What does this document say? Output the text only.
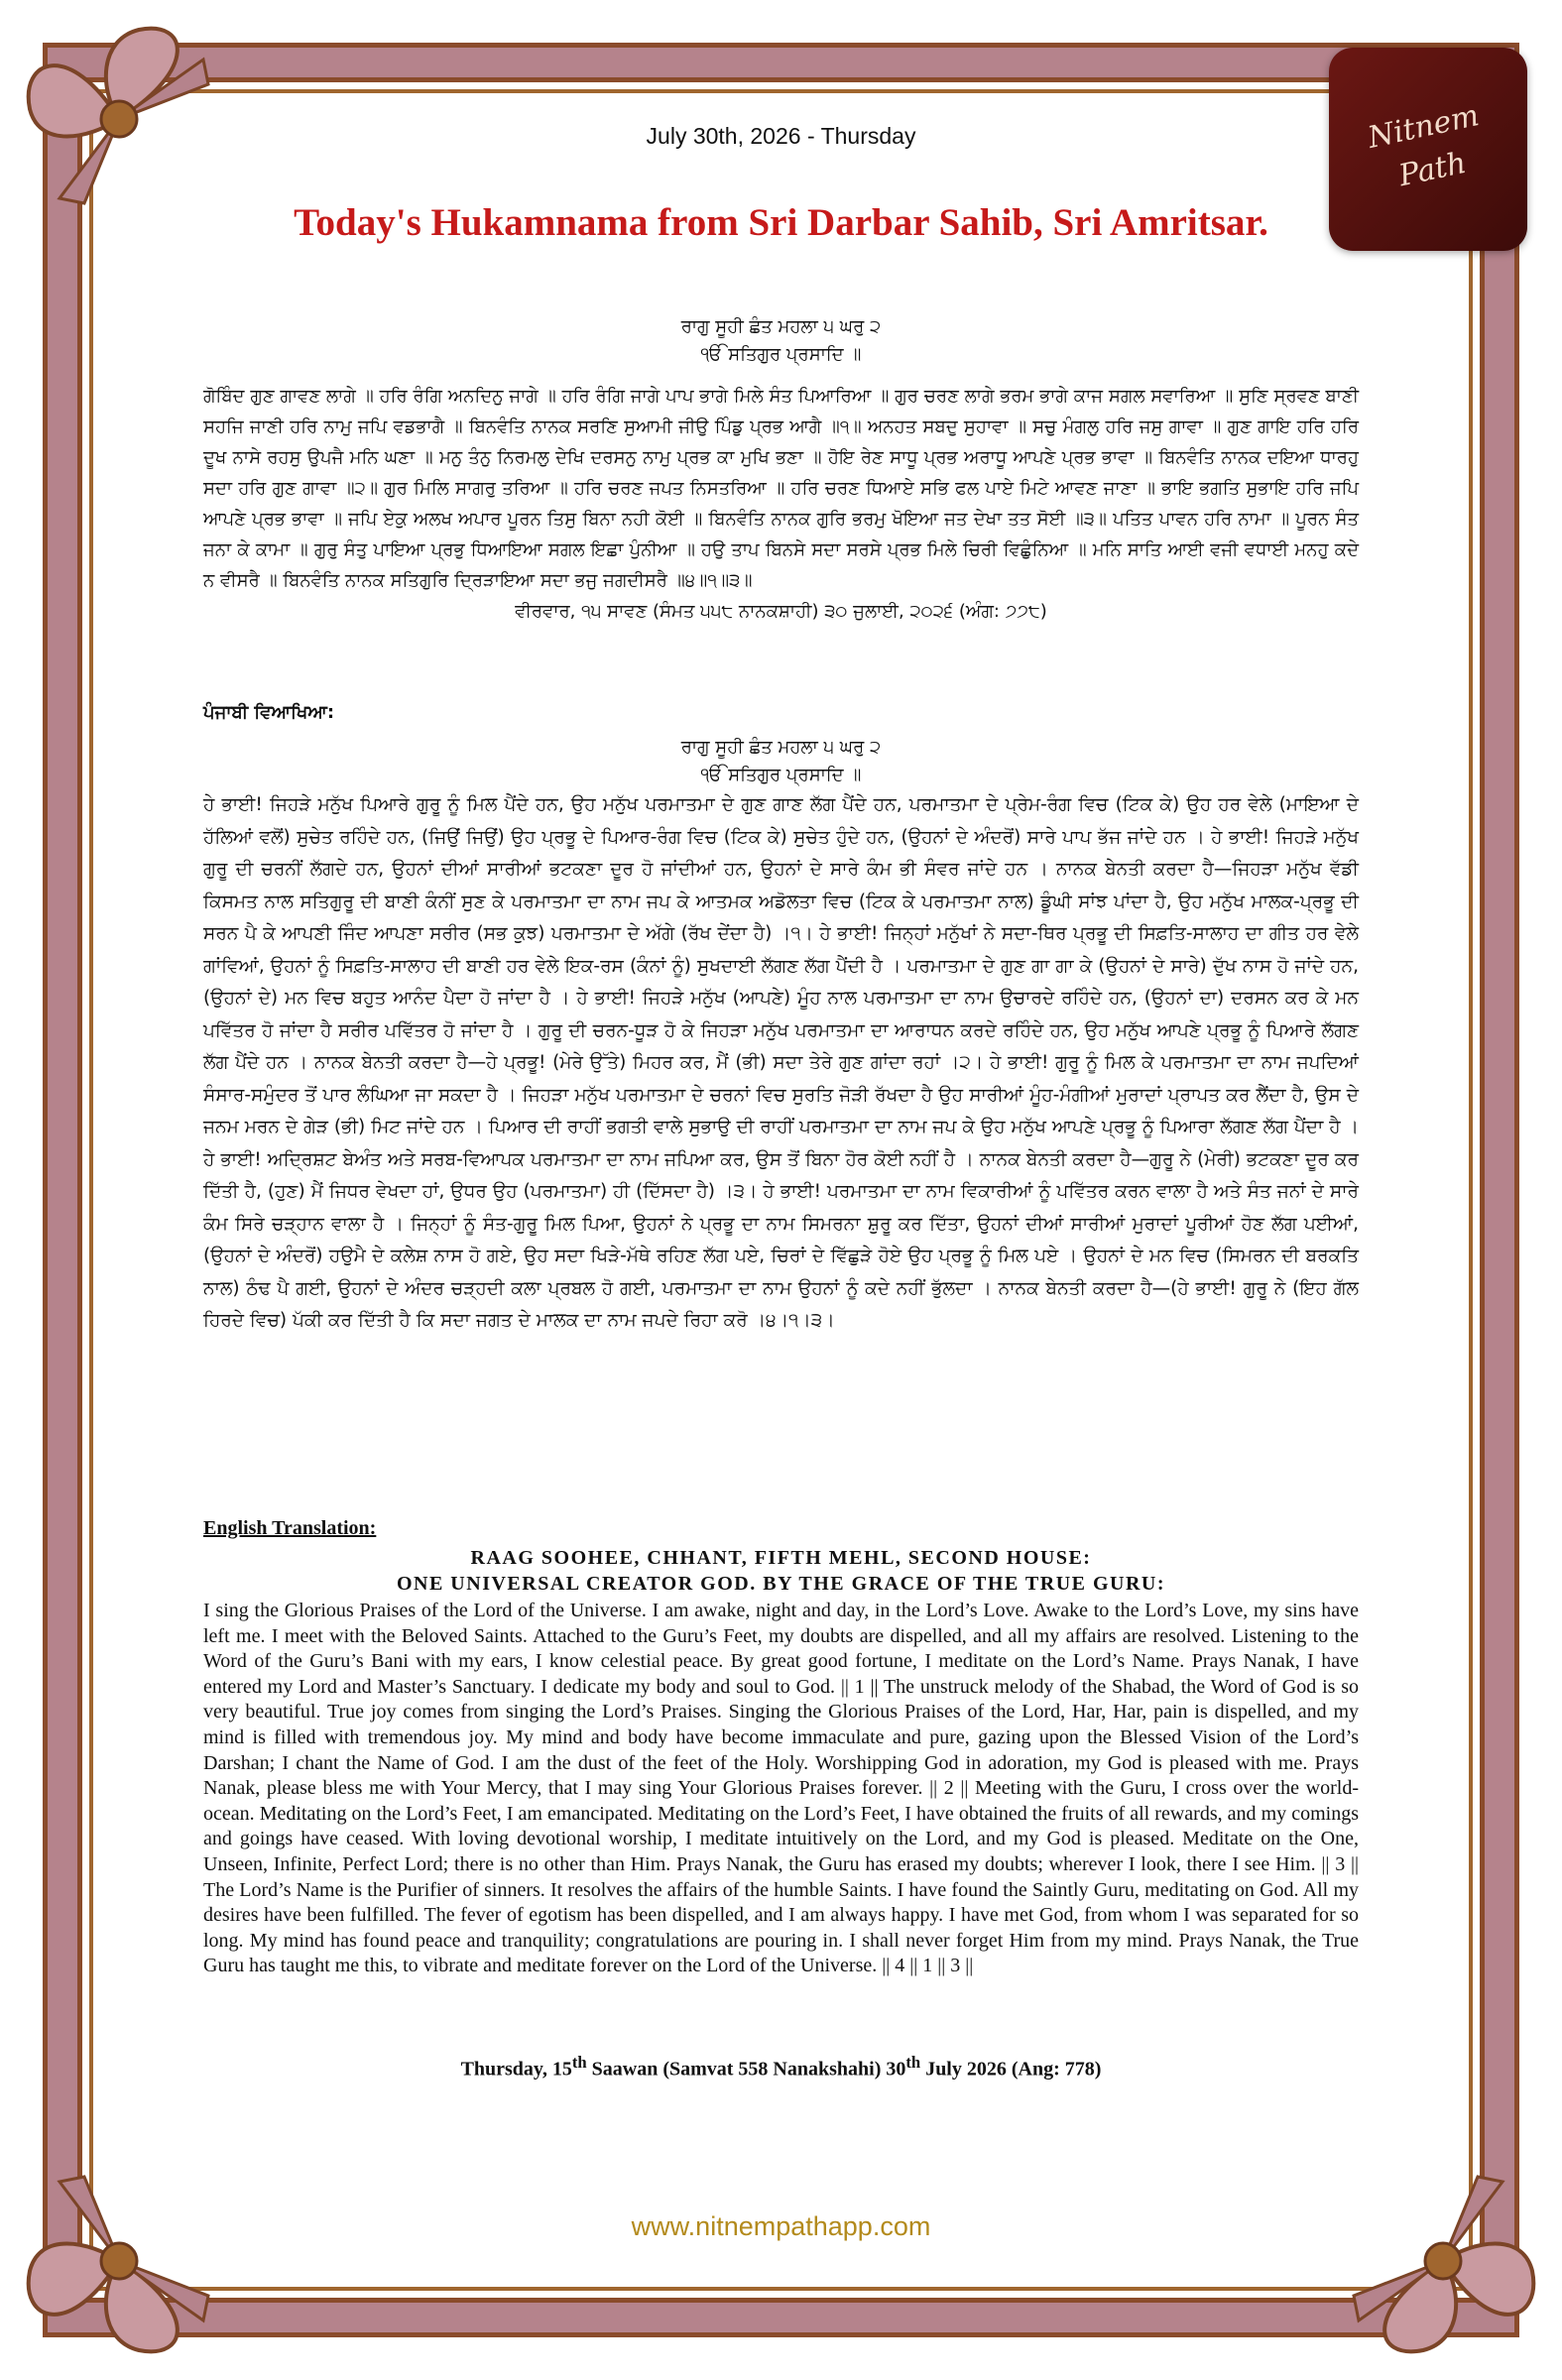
Nitnem
Path
July 30th, 2026 - Thursday
Today's Hukamnama from Sri Darbar Sahib, Sri Amritsar.
ਰਾਗੁ ਸੂਹੀ ਛੰਤ ਮਹਲਾ ੫ ਘਰੁ ੨
ੴ ਸਤਿਗੁਰ ਪ੍ਰਸਾਦਿ ॥
ਗੋਬਿੰਦ ਗੁਣ ਗਾਵਣ ਲਾਗੇ ॥ ਹਰਿ ਰੰਗਿ ਅਨਦਿਨੁ ਜਾਗੇ ॥ ਹਰਿ ਰੰਗਿ ਜਾਗੇ ਪਾਪ ਭਾਗੇ ਮਿਲੇ ਸੰਤ ਪਿਆਰਿਆ ॥ ਗੁਰ ਚਰਣ ਲਾਗੇ ਭਰਮ ਭਾਗੇ ਕਾਜ ਸਗਲ ਸਵਾਰਿਆ ॥ ਸੁਣਿ ਸ੍ਰਵਣ ਬਾਣੀ ਸਹਜਿ ਜਾਣੀ ਹਰਿ ਨਾਮੁ ਜਪਿ ਵਡਭਾਗੈ ॥ ਬਿਨਵੰਤਿ ਨਾਨਕ ਸਰਣਿ ਸੁਆਮੀ ਜੀਉ ਪਿੰਡੁ ਪ੍ਰਭ ਆਗੈ ॥੧॥ ਅਨਹਤ ਸਬਦੁ ਸੁਹਾਵਾ ॥ ਸਚੁ ਮੰਗਲੁ ਹਰਿ ਜਸੁ ਗਾਵਾ ॥ ਗੁਣ ਗਾਇ ਹਰਿ ਹਰਿ ਦੂਖ ਨਾਸੇ ਰਹਸੁ ਉਪਜੈ ਮਨਿ ਘਣਾ ॥ ਮਨੁ ਤੰਨੁ ਨਿਰਮਲੁ ਦੇਖਿ ਦਰਸਨੁ ਨਾਮੁ ਪ੍ਰਭ ਕਾ ਮੁਖਿ ਭਣਾ ॥ ਹੋਇ ਰੇਣ ਸਾਧੂ ਪ੍ਰਭ ਅਰਾਧੂ ਆਪਣੇ ਪ੍ਰਭ ਭਾਵਾ ॥ ਬਿਨਵੰਤਿ ਨਾਨਕ ਦਇਆ ਧਾਰਹੁ ਸਦਾ ਹਰਿ ਗੁਣ ਗਾਵਾ ॥੨॥ ਗੁਰ ਮਿਲਿ ਸਾਗਰੁ ਤਰਿਆ ॥ ਹਰਿ ਚਰਣ ਜਪਤ ਨਿਸਤਰਿਆ ॥ ਹਰਿ ਚਰਣ ਧਿਆਏ ਸਭਿ ਫਲ ਪਾਏ ਮਿਟੇ ਆਵਣ ਜਾਣਾ ॥ ਭਾਇ ਭਗਤਿ ਸੁਭਾਇ ਹਰਿ ਜਪਿ ਆਪਣੇ ਪ੍ਰਭ ਭਾਵਾ ॥ ਜਪਿ ਏਕੁ ਅਲਖ ਅਪਾਰ ਪੂਰਨ ਤਿਸੁ ਬਿਨਾ ਨਹੀ ਕੋਈ ॥ ਬਿਨਵੰਤਿ ਨਾਨਕ ਗੁਰਿ ਭਰਮੁ ਖੋਇਆ ਜਤ ਦੇਖਾ ਤਤ ਸੋਈ ॥੩॥ ਪਤਿਤ ਪਾਵਨ ਹਰਿ ਨਾਮਾ ॥ ਪੂਰਨ ਸੰਤ ਜਨਾ ਕੇ ਕਾਮਾ ॥ ਗੁਰੁ ਸੰਤੁ ਪਾਇਆ ਪ੍ਰਭੁ ਧਿਆਇਆ ਸਗਲ ਇਛਾ ਪੁੰਨੀਆ ॥ ਹਉ ਤਾਪ ਬਿਨਸੇ ਸਦਾ ਸਰਸੇ ਪ੍ਰਭ ਮਿਲੇ ਚਿਰੀ ਵਿਛੁੰਨਿਆ ॥ ਮਨਿ ਸਾਤਿ ਆਈ ਵਜੀ ਵਧਾਈ ਮਨਹੁ ਕਦੇ ਨ ਵੀਸਰੈ ॥ ਬਿਨਵੰਤਿ ਨਾਨਕ ਸਤਿਗੁਰਿ ਦ੍ਰਿੜਾਇਆ ਸਦਾ ਭਜੁ ਜਗਦੀਸਰੈ ॥੪॥੧॥੩॥
ਵੀਰਵਾਰ, ੧੫ ਸਾਵਣ (ਸੰਮਤ ੫੫੮ ਨਾਨਕਸ਼ਾਹੀ) ੩੦ ਜੁਲਾਈ, ੨੦੨੬ (ਅੰਗ: ੭੭੮)
ਪੰਜਾਬੀ ਵਿਆਖਿਆ:
ਰਾਗੁ ਸੂਹੀ ਛੰਤ ਮਹਲਾ ੫ ਘਰੁ ੨
ੴ ਸਤਿਗੁਰ ਪ੍ਰਸਾਦਿ ॥
ਹੇ ਭਾਈ! ਜਿਹੜੇ ਮਨੁੱਖ ਪਿਆਰੇ ਗੁਰੂ ਨੂੰ ਮਿਲ ਪੈਂਦੇ ਹਨ, ਉਹ ਮਨੁੱਖ ਪਰਮਾਤਮਾ ਦੇ ਗੁਣ ਗਾਣ ਲੱਗ ਪੈਂਦੇ ਹਨ, ਪਰਮਾਤਮਾ ਦੇ ਪ੍ਰੇਮ-ਰੰਗ ਵਿਚ (ਟਿਕ ਕੇ) ਉਹ ਹਰ ਵੇਲੇ (ਮਾਇਆ ਦੇ ਹੱਲਿਆਂ ਵਲੋਂ) ਸੁਚੇਤ ਰਹਿੰਦੇ ਹਨ, (ਜਿਉਂ ਜਿਉਂ) ਉਹ ਪ੍ਰਭੂ ਦੇ ਪਿਆਰ-ਰੰਗ ਵਿਚ (ਟਿਕ ਕੇ) ਸੁਚੇਤ ਹੁੰਦੇ ਹਨ, (ਉਹਨਾਂ ਦੇ ਅੰਦਰੋਂ) ਸਾਰੇ ਪਾਪ ਭੱਜ ਜਾਂਦੇ ਹਨ । ਹੇ ਭਾਈ! ਜਿਹੜੇ ਮਨੁੱਖ ਗੁਰੂ ਦੀ ਚਰਨੀਂ ਲੱਗਦੇ ਹਨ, ਉਹਨਾਂ ਦੀਆਂ ਸਾਰੀਆਂ ਭਟਕਣਾ ਦੂਰ ਹੋ ਜਾਂਦੀਆਂ ਹਨ, ਉਹਨਾਂ ਦੇ ਸਾਰੇ ਕੰਮ ਭੀ ਸੰਵਰ ਜਾਂਦੇ ਹਨ । ਨਾਨਕ ਬੇਨਤੀ ਕਰਦਾ ਹੈ—ਜਿਹੜਾ ਮਨੁੱਖ ਵੱਡੀ ਕਿਸਮਤ ਨਾਲ ਸਤਿਗੁਰੂ ਦੀ ਬਾਣੀ ਕੰਨੀਂ ਸੁਣ ਕੇ ਪਰਮਾਤਮਾ ਦਾ ਨਾਮ ਜਪ ਕੇ ਆਤਮਕ ਅਡੋਲਤਾ ਵਿਚ (ਟਿਕ ਕੇ ਪਰਮਾਤਮਾ ਨਾਲ) ਡੂੰਘੀ ਸਾਂਝ ਪਾਂਦਾ ਹੈ, ਉਹ ਮਨੁੱਖ ਮਾਲਕ-ਪ੍ਰਭੂ ਦੀ ਸਰਨ ਪੈ ਕੇ ਆਪਣੀ ਜਿੰਦ ਆਪਣਾ ਸਰੀਰ (ਸਭ ਕੁਝ) ਪਰਮਾਤਮਾ ਦੇ ਅੱਗੇ (ਰੱਖ ਦੇਂਦਾ ਹੈ) ।੧। ਹੇ ਭਾਈ! ਜਿਨ੍ਹਾਂ ਮਨੁੱਖਾਂ ਨੇ ਸਦਾ-ਥਿਰ ਪ੍ਰਭੂ ਦੀ ਸਿਫ਼ਤਿ-ਸਾਲਾਹ ਦਾ ਗੀਤ ਹਰ ਵੇਲੇ ਗਾਂਵਿਆਂ, ਉਹਨਾਂ ਨੂੰ ਸਿਫ਼ਤਿ-ਸਾਲਾਹ ਦੀ ਬਾਣੀ ਹਰ ਵੇਲੇ ਇਕ-ਰਸ (ਕੰਨਾਂ ਨੂੰ) ਸੁਖਦਾਈ ਲੱਗਣ ਲੱਗ ਪੈਂਦੀ ਹੈ । ਪਰਮਾਤਮਾ ਦੇ ਗੁਣ ਗਾ ਗਾ ਕੇ (ਉਹਨਾਂ ਦੇ ਸਾਰੇ) ਦੁੱਖ ਨਾਸ ਹੋ ਜਾਂਦੇ ਹਨ, (ਉਹਨਾਂ ਦੇ) ਮਨ ਵਿਚ ਬਹੁਤ ਆਨੰਦ ਪੈਦਾ ਹੋ ਜਾਂਦਾ ਹੈ । ਹੇ ਭਾਈ! ਜਿਹੜੇ ਮਨੁੱਖ (ਆਪਣੇ) ਮੂੰਹ ਨਾਲ ਪਰਮਾਤਮਾ ਦਾ ਨਾਮ ਉਚਾਰਦੇ ਰਹਿੰਦੇ ਹਨ, (ਉਹਨਾਂ ਦਾ) ਦਰਸਨ ਕਰ ਕੇ ਮਨ ਪਵਿੱਤਰ ਹੋ ਜਾਂਦਾ ਹੈ ਸਰੀਰ ਪਵਿੱਤਰ ਹੋ ਜਾਂਦਾ ਹੈ । ਗੁਰੂ ਦੀ ਚਰਨ-ਧੂੜ ਹੋ ਕੇ ਜਿਹੜਾ ਮਨੁੱਖ ਪਰਮਾਤਮਾ ਦਾ ਆਰਾਧਨ ਕਰਦੇ ਰਹਿੰਦੇ ਹਨ, ਉਹ ਮਨੁੱਖ ਆਪਣੇ ਪ੍ਰਭੂ ਨੂੰ ਪਿਆਰੇ ਲੱਗਣ ਲੱਗ ਪੈਂਦੇ ਹਨ । ਨਾਨਕ ਬੇਨਤੀ ਕਰਦਾ ਹੈ—ਹੇ ਪ੍ਰਭੂ! (ਮੇਰੇ ਉੱਤੇ) ਮਿਹਰ ਕਰ, ਮੈਂ (ਭੀ) ਸਦਾ ਤੇਰੇ ਗੁਣ ਗਾਂਦਾ ਰਹਾਂ ।੨। ਹੇ ਭਾਈ! ਗੁਰੂ ਨੂੰ ਮਿਲ ਕੇ ਪਰਮਾਤਮਾ ਦਾ ਨਾਮ ਜਪਦਿਆਂ ਸੰਸਾਰ-ਸਮੁੰਦਰ ਤੋਂ ਪਾਰ ਲੰਘਿਆ ਜਾ ਸਕਦਾ ਹੈ । ਜਿਹੜਾ ਮਨੁੱਖ ਪਰਮਾਤਮਾ ਦੇ ਚਰਨਾਂ ਵਿਚ ਸੁਰਤਿ ਜੋੜੀ ਰੱਖਦਾ ਹੈ ਉਹ ਸਾਰੀਆਂ ਮੂੰਹ-ਮੰਗੀਆਂ ਮੁਰਾਦਾਂ ਪ੍ਰਾਪਤ ਕਰ ਲੈਂਦਾ ਹੈ, ਉਸ ਦੇ ਜਨਮ ਮਰਨ ਦੇ ਗੇੜ (ਭੀ) ਮਿਟ ਜਾਂਦੇ ਹਨ । ਪਿਆਰ ਦੀ ਰਾਹੀਂ ਭਗਤੀ ਵਾਲੇ ਸੁਭਾਉ ਦੀ ਰਾਹੀਂ ਪਰਮਾਤਮਾ ਦਾ ਨਾਮ ਜਪ ਕੇ ਉਹ ਮਨੁੱਖ ਆਪਣੇ ਪ੍ਰਭੂ ਨੂੰ ਪਿਆਰਾ ਲੱਗਣ ਲੱਗ ਪੈਂਦਾ ਹੈ । ਹੇ ਭਾਈ! ਅਦ੍ਰਿਸ਼ਟ ਬੇਅੰਤ ਅਤੇ ਸਰਬ-ਵਿਆਪਕ ਪਰਮਾਤਮਾ ਦਾ ਨਾਮ ਜਪਿਆ ਕਰ, ਉਸ ਤੋਂ ਬਿਨਾ ਹੋਰ ਕੋਈ ਨਹੀਂ ਹੈ । ਨਾਨਕ ਬੇਨਤੀ ਕਰਦਾ ਹੈ—ਗੁਰੂ ਨੇ (ਮੇਰੀ) ਭਟਕਣਾ ਦੂਰ ਕਰ ਦਿੱਤੀ ਹੈ, (ਹੁਣ) ਮੈਂ ਜਿਧਰ ਵੇਖਦਾ ਹਾਂ, ਉਧਰ ਉਹ (ਪਰਮਾਤਮਾ) ਹੀ (ਦਿੱਸਦਾ ਹੈ) ।੩। ਹੇ ਭਾਈ! ਪਰਮਾਤਮਾ ਦਾ ਨਾਮ ਵਿਕਾਰੀਆਂ ਨੂੰ ਪਵਿੱਤਰ ਕਰਨ ਵਾਲਾ ਹੈ ਅਤੇ ਸੰਤ ਜਨਾਂ ਦੇ ਸਾਰੇ ਕੰਮ ਸਿਰੇ ਚੜ੍ਹਾਨ ਵਾਲਾ ਹੈ । ਜਿਨ੍ਹਾਂ ਨੂੰ ਸੰਤ-ਗੁਰੂ ਮਿਲ ਪਿਆ, ਉਹਨਾਂ ਨੇ ਪ੍ਰਭੂ ਦਾ ਨਾਮ ਸਿਮਰਨਾ ਸ਼ੁਰੂ ਕਰ ਦਿੱਤਾ, ਉਹਨਾਂ ਦੀਆਂ ਸਾਰੀਆਂ ਮੁਰਾਦਾਂ ਪੂਰੀਆਂ ਹੋਣ ਲੱਗ ਪਈਆਂ, (ਉਹਨਾਂ ਦੇ ਅੰਦਰੋਂ) ਹਉਮੈ ਦੇ ਕਲੇਸ਼ ਨਾਸ ਹੋ ਗਏ, ਉਹ ਸਦਾ ਖਿੜੇ-ਮੱਥੇ ਰਹਿਣ ਲੱਗ ਪਏ, ਚਿਰਾਂ ਦੇ ਵਿੱਛੁੜੇ ਹੋਏ ਉਹ ਪ੍ਰਭੂ ਨੂੰ ਮਿਲ ਪਏ । ਉਹਨਾਂ ਦੇ ਮਨ ਵਿਚ (ਸਿਮਰਨ ਦੀ ਬਰਕਤਿ ਨਾਲ) ਠੰਢ ਪੈ ਗਈ, ਉਹਨਾਂ ਦੇ ਅੰਦਰ ਚੜ੍ਹਦੀ ਕਲਾ ਪ੍ਰਬਲ ਹੋ ਗਈ, ਪਰਮਾਤਮਾ ਦਾ ਨਾਮ ਉਹਨਾਂ ਨੂੰ ਕਦੇ ਨਹੀਂ ਭੁੱਲਦਾ । ਨਾਨਕ ਬੇਨਤੀ ਕਰਦਾ ਹੈ—(ਹੇ ਭਾਈ! ਗੁਰੂ ਨੇ (ਇਹ ਗੱਲ ਹਿਰਦੇ ਵਿਚ) ਪੱਕੀ ਕਰ ਦਿੱਤੀ ਹੈ ਕਿ ਸਦਾ ਜਗਤ ਦੇ ਮਾਲਕ ਦਾ ਨਾਮ ਜਪਦੇ ਰਿਹਾ ਕਰੋ ।੪।੧।੩।
English Translation:
RAAG SOOHEE, CHHANT, FIFTH MEHL, SECOND HOUSE:
ONE UNIVERSAL CREATOR GOD. BY THE GRACE OF THE TRUE GURU:
I sing the Glorious Praises of the Lord of the Universe. I am awake, night and day, in the Lord’s Love. Awake to the Lord’s Love, my sins have left me. I meet with the Beloved Saints. Attached to the Guru’s Feet, my doubts are dispelled, and all my affairs are resolved. Listening to the Word of the Guru’s Bani with my ears, I know celestial peace. By great good fortune, I meditate on the Lord’s Name. Prays Nanak, I have entered my Lord and Master’s Sanctuary. I dedicate my body and soul to God. || 1 || The unstruck melody of the Shabad, the Word of God is so very beautiful. True joy comes from singing the Lord’s Praises. Singing the Glorious Praises of the Lord, Har, Har, pain is dispelled, and my mind is filled with tremendous joy. My mind and body have become immaculate and pure, gazing upon the Blessed Vision of the Lord’s Darshan; I chant the Name of God. I am the dust of the feet of the Holy. Worshipping God in adoration, my God is pleased with me. Prays Nanak, please bless me with Your Mercy, that I may sing Your Glorious Praises forever. || 2 || Meeting with the Guru, I cross over the world-ocean. Meditating on the Lord’s Feet, I am emancipated. Meditating on the Lord’s Feet, I have obtained the fruits of all rewards, and my comings and goings have ceased. With loving devotional worship, I meditate intuitively on the Lord, and my God is pleased. Meditate on the One, Unseen, Infinite, Perfect Lord; there is no other than Him. Prays Nanak, the Guru has erased my doubts; wherever I look, there I see Him. || 3 || The Lord’s Name is the Purifier of sinners. It resolves the affairs of the humble Saints. I have found the Saintly Guru, meditating on God. All my desires have been fulfilled. The fever of egotism has been dispelled, and I am always happy. I have met God, from whom I was separated for so long. My mind has found peace and tranquility; congratulations are pouring in. I shall never forget Him from my mind. Prays Nanak, the True Guru has taught me this, to vibrate and meditate forever on the Lord of the Universe. || 4 || 1 || 3 ||
Thursday, 15th Saawan (Samvat 558 Nanakshahi) 30th July 2026 (Ang: 778)
www.nitnempathapp.com
